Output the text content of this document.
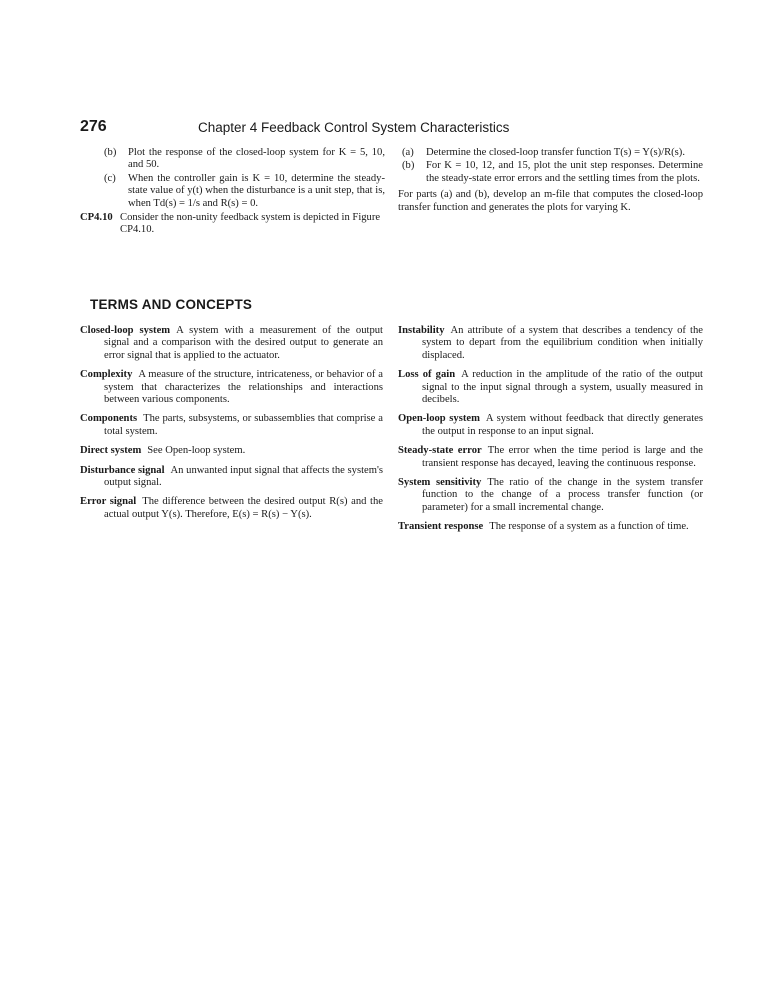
276	Chapter 4 Feedback Control System Characteristics
(b)	Plot the response of the closed-loop system for K = 5, 10, and 50.
(c)	When the controller gain is K = 10, determine the steady-state value of y(t) when the disturbance is a unit step, that is, when Td(s) = 1/s and R(s) = 0.
CP4.10 Consider the non-unity feedback system is depicted in Figure CP4.10.
(a)	Determine the closed-loop transfer function T(s) = Y(s)/R(s).
(b)	For K = 10, 12, and 15, plot the unit step responses. Determine the steady-state error errors and the settling times from the plots.
For parts (a) and (b), develop an m-file that computes the closed-loop transfer function and generates the plots for varying K.
TERMS AND CONCEPTS
Closed-loop system A system with a measurement of the output signal and a comparison with the desired output to generate an error signal that is applied to the actuator.
Complexity A measure of the structure, intricateness, or behavior of a system that characterizes the relationships and interactions between various components.
Components The parts, subsystems, or subassemblies that comprise a total system.
Direct system See Open-loop system.
Disturbance signal An unwanted input signal that affects the system's output signal.
Error signal The difference between the desired output R(s) and the actual output Y(s). Therefore, E(s) = R(s) − Y(s).
Instability An attribute of a system that describes a tendency of the system to depart from the equilibrium condition when initially displaced.
Loss of gain A reduction in the amplitude of the ratio of the output signal to the input signal through a system, usually measured in decibels.
Open-loop system A system without feedback that directly generates the output in response to an input signal.
Steady-state error The error when the time period is large and the transient response has decayed, leaving the continuous response.
System sensitivity The ratio of the change in the system transfer function to the change of a process transfer function (or parameter) for a small incremental change.
Transient response The response of a system as a function of time.
